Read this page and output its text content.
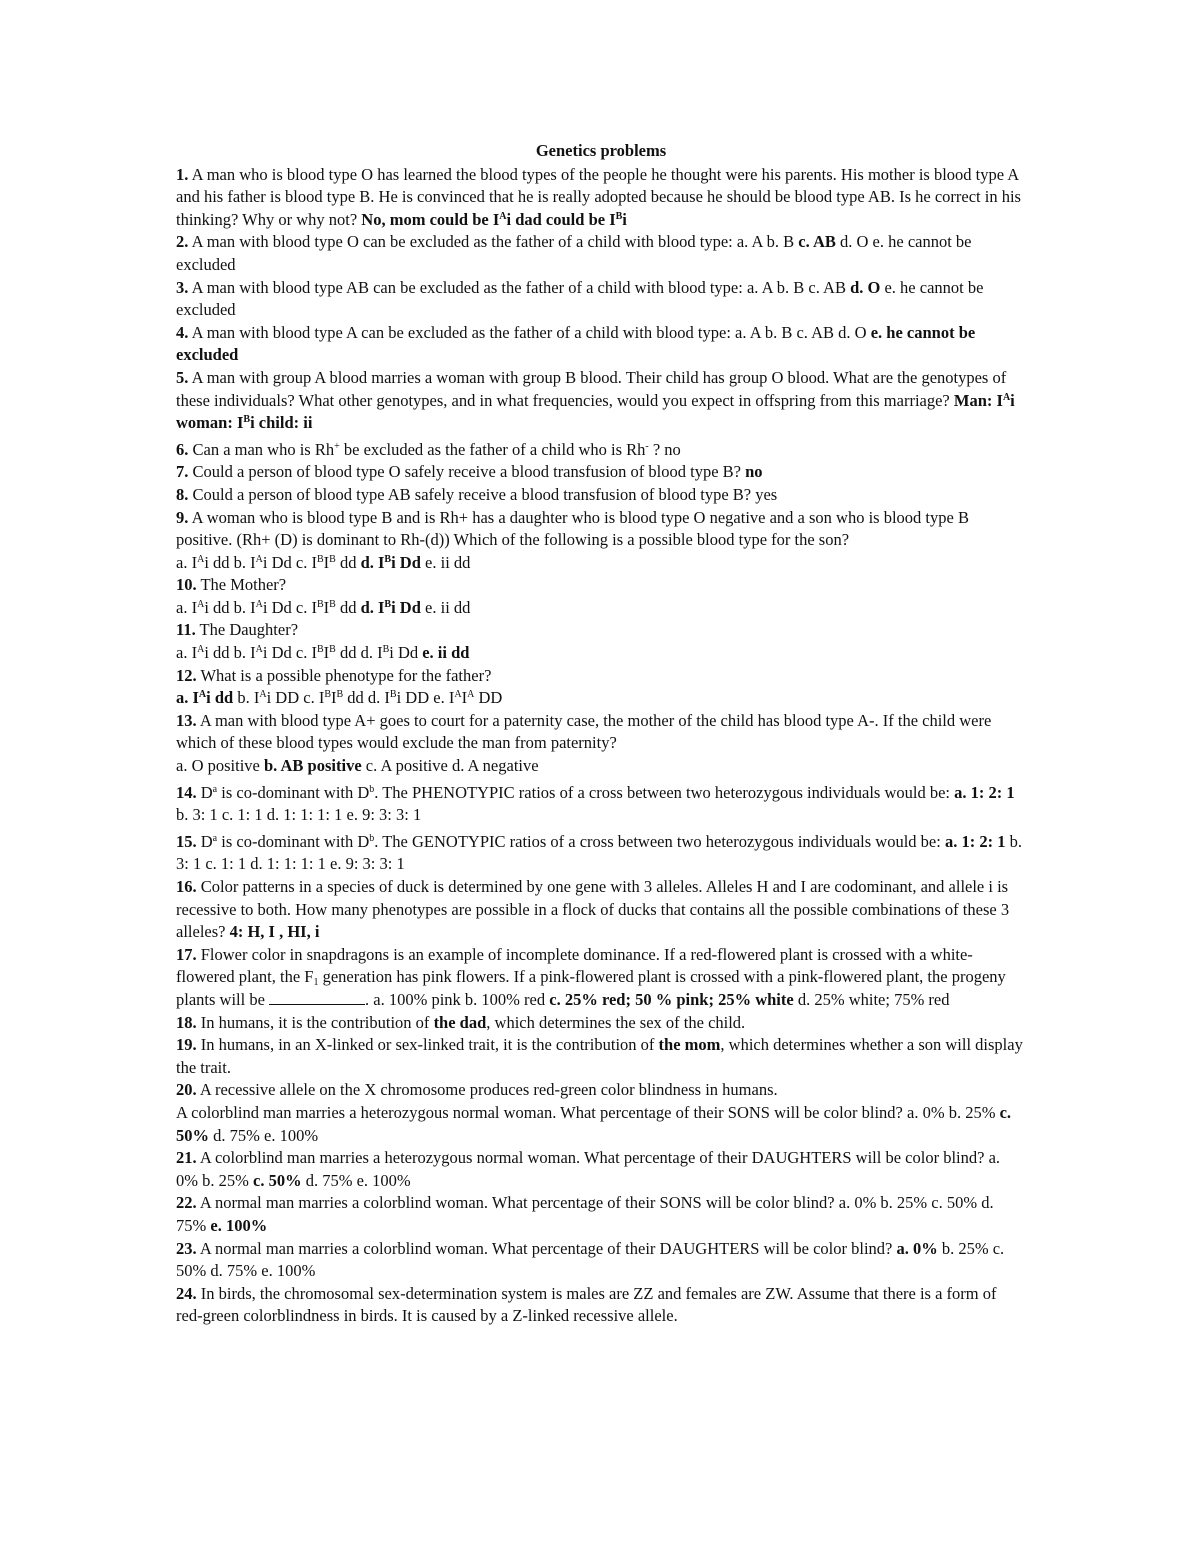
Genetics problems
1. A man who is blood type O has learned the blood types of the people he thought were his parents. His mother is blood type A and his father is blood type B. He is convinced that he is really adopted because he should be blood type AB. Is he correct in his thinking? Why or why not? No, mom could be $I^Ai$ dad could be $I^Bi$
2. A man with blood type O can be excluded as the father of a child with blood type: a. A b. B c. AB d. O e. he cannot be excluded
3. A man with blood type AB can be excluded as the father of a child with blood type: a. A b. B c. AB d. O e. he cannot be excluded
4. A man with blood type A can be excluded as the father of a child with blood type: a. A b. B c. AB d. O e. he cannot be excluded
5. A man with group A blood marries a woman with group B blood. Their child has group O blood. What are the genotypes of these individuals? What other genotypes, and in what frequencies, would you expect in offspring from this marriage? Man: $I^Ai$ woman: $I^Bi$ child: ii
6. Can a man who is Rh+ be excluded as the father of a child who is Rh- ? no
7. Could a person of blood type O safely receive a blood transfusion of blood type B? no
8. Could a person of blood type AB safely receive a blood transfusion of blood type B? yes
9. A woman who is blood type B and is Rh+ has a daughter who is blood type O negative and a son who is blood type B positive. (Rh+ (D) is dominant to Rh-(d)) Which of the following is a possible blood type for the son?
a. $I^Ai$ dd b. $I^Ai$ Dd c. $I^BI^B$ dd d. $I^Bi$ Dd e. ii dd
10. The Mother?
a. $I^Ai$ dd b. $I^Ai$ Dd c. $I^BI^B$ dd d. $I^Bi$ Dd e. ii dd
11. The Daughter?
a. $I^Ai$ dd b. $I^Ai$ Dd c. $I^BI^B$ dd d. $I^Bi$ Dd e. ii dd
12. What is a possible phenotype for the father?
a. $I^Ai$ dd b. $I^Ai$ DD c. $I^BI^B$ dd d. $I^Bi$ DD e. $I^AI^A$ DD
13. A man with blood type A+ goes to court for a paternity case, the mother of the child has blood type A-. If the child were which of these blood types would exclude the man from paternity?
a. O positive b. AB positive c. A positive d. A negative
14. $D^a$ is co-dominant with $D^b$. The PHENOTYPIC ratios of a cross between two heterozygous individuals would be: a. 1: 2: 1 b. 3: 1 c. 1: 1 d. 1: 1: 1: 1 e. 9: 3: 3: 1
15. $D^a$ is co-dominant with $D^b$. The GENOTYPIC ratios of a cross between two heterozygous individuals would be: a. 1: 2: 1 b. 3: 1 c. 1: 1 d. 1: 1: 1: 1 e. 9: 3: 3: 1
16. Color patterns in a species of duck is determined by one gene with 3 alleles. Alleles H and I are codominant, and allele i is recessive to both. How many phenotypes are possible in a flock of ducks that contains all the possible combinations of these 3 alleles? 4: H, I , HI, i
17. Flower color in snapdragons is an example of incomplete dominance. If a red-flowered plant is crossed with a white-flowered plant, the $F_1$ generation has pink flowers. If a pink-flowered plant is crossed with a pink-flowered plant, the progeny plants will be	. a. 100% pink b. 100% red c. 25% red; 50 % pink; 25% white d. 25% white; 75% red
18. In humans, it is the contribution of the dad, which determines the sex of the child.
19. In humans, in an X-linked or sex-linked trait, it is the contribution of the mom, which determines whether a son will display the trait.
20. A recessive allele on the X chromosome produces red-green color blindness in humans.
A colorblind man marries a heterozygous normal woman. What percentage of their SONS will be color blind? a. 0% b. 25% c. 50% d. 75% e. 100%
21. A colorblind man marries a heterozygous normal woman. What percentage of their DAUGHTERS will be color blind? a. 0% b. 25% c. 50% d. 75% e. 100%
22. A normal man marries a colorblind woman. What percentage of their SONS will be color blind? a. 0% b. 25% c. 50% d. 75% e. 100%
23. A normal man marries a colorblind woman. What percentage of their DAUGHTERS will be color blind? a. 0% b. 25% c. 50% d. 75% e. 100%
24. In birds, the chromosomal sex-determination system is males are ZZ and females are ZW. Assume that there is a form of red-green colorblindness in birds. It is caused by a Z-linked recessive allele.
